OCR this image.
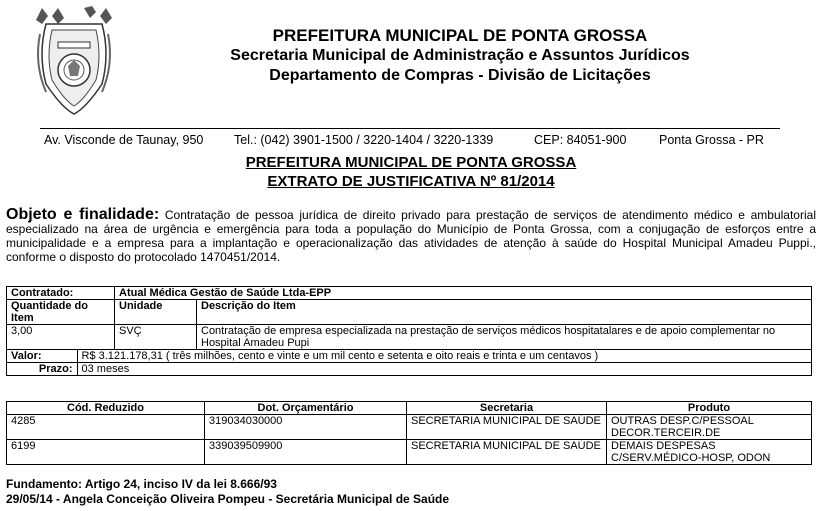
PREFEITURA MUNICIPAL DE PONTA GROSSA
Secretaria Municipal de Administração e Assuntos Jurídicos
Departamento de Compras - Divisão de Licitações
Av. Visconde de Taunay, 950 Tel.: (042) 3901-1500 / 3220-1404 / 3220-1339	CEP: 84051-900	Ponta Grossa - PR
PREFEITURA MUNICIPAL DE PONTA GROSSA
EXTRATO DE JUSTIFICATIVA Nº 81/2014
Objeto e finalidade: Contratação de pessoa jurídica de direito privado para prestação de serviços de atendimento médico e ambulatorial especializado na área de urgência e emergência para toda a população do Município de Ponta Grossa, com a conjugação de esforços entre a municipalidade e a empresa para a implantação e operacionalização das atividades de atenção à saúde do Hospital Municipal Amadeu Puppi., conforme o disposto do protocolado 1470451/2014.
Contratado:	Atual Médica Gestão de Saúde Ltda-EPP
Quantidade do Item	Unidade	Descrição do Item
3,00	SVÇ	Contratação de empresa especializada na prestação de serviços médicos hospitatalares e de apoio complementar no Hospital Amadeu Pupi

Valor:	R$ 3.121.178,31 ( três milhões, cento e vinte e um mil cento e setenta e oito reais e trinta e um centavos )

Prazo:	03 meses
Cód. Reduzido	Dot. Orçamentário	Secretaria	Produto
4285	319034030000	SECRETARIA MUNICIPAL DE SAÚDE	OUTRAS DESP.C/PESSOAL DECOR.TERCEIR.DE
6199	339039509900	SECRETARIA MUNICIPAL DE SAÚDE	DEMAIS DESPESAS C/SERV.MÉDICO-HOSP, ODON
Fundamento: Artigo 24, inciso IV da lei 8.666/93
29/05/14 - Angela Conceição Oliveira Pompeu - Secretária Municipal de Saúde
